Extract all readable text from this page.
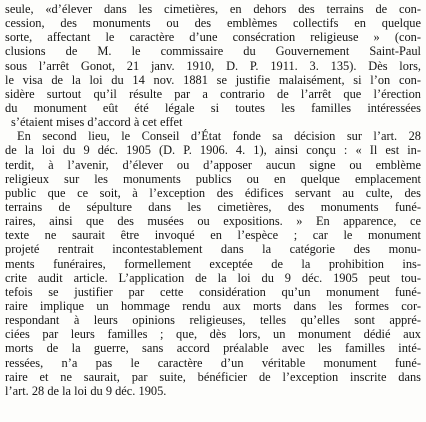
seule, «d’élever dans les cimetières, en dehors des terrains de con-
cession, des monuments ou des emblèmes collectifs en quelque
sorte, affectant le caractère d’une consécration religieuse » (con-
clusions de M. le commissaire du Gouvernement Saint-Paul
sous l’arrêt Gonot, 21 janv. 1910, D. P. 1911. 3. 135). Dès lors,
le visa de la loi du 14 nov. 1881 se justifie malaisément, si l’on con-
sidère surtout qu’il résulte par a contrario de l’arrêt que l’érection
du monument eût été légale si toutes les familles intéressées
s’étaient mises d’accord à cet effet
En second lieu, le Conseil d’État fonde sa décision sur l’art. 28
de la loi du 9 déc. 1905 (D. P. 1906. 4. 1), ainsi conçu : « Il est in-
terdit, à l’avenir, d’élever ou d’apposer aucun signe ou emblème
religieux sur les monuments publics ou en quelque emplacement
public que ce soit, à l’exception des édifices servant au culte, des
terrains de sépulture dans les cimetières, des monuments funé-
raires, ainsi que des musées ou expositions. » En apparence, ce
texte ne saurait être invoqué en l’espèce ; car le monument
projeté rentrait incontestablement dans la catégorie des monu-
ments funéraires, formellement exceptée de la prohibition ins-
crite audit article. L’application de la loi du 9 déc. 1905 peut tou-
tefois se justifier par cette considération qu’un monument funé-
raire implique un hommage rendu aux morts dans les formes cor-
respondant à leurs opinions religieuses, telles qu’elles sont appré-
ciées par leurs familles ; que, dès lors, un monument dédié aux
morts de la guerre, sans accord préalable avec les familles inté-
ressées, n’a pas le caractère d’un véritable monument funé-
raire et ne saurait, par suite, bénéficier de l’exception inscrite dans
l’art. 28 de la loi du 9 déc. 1905.
